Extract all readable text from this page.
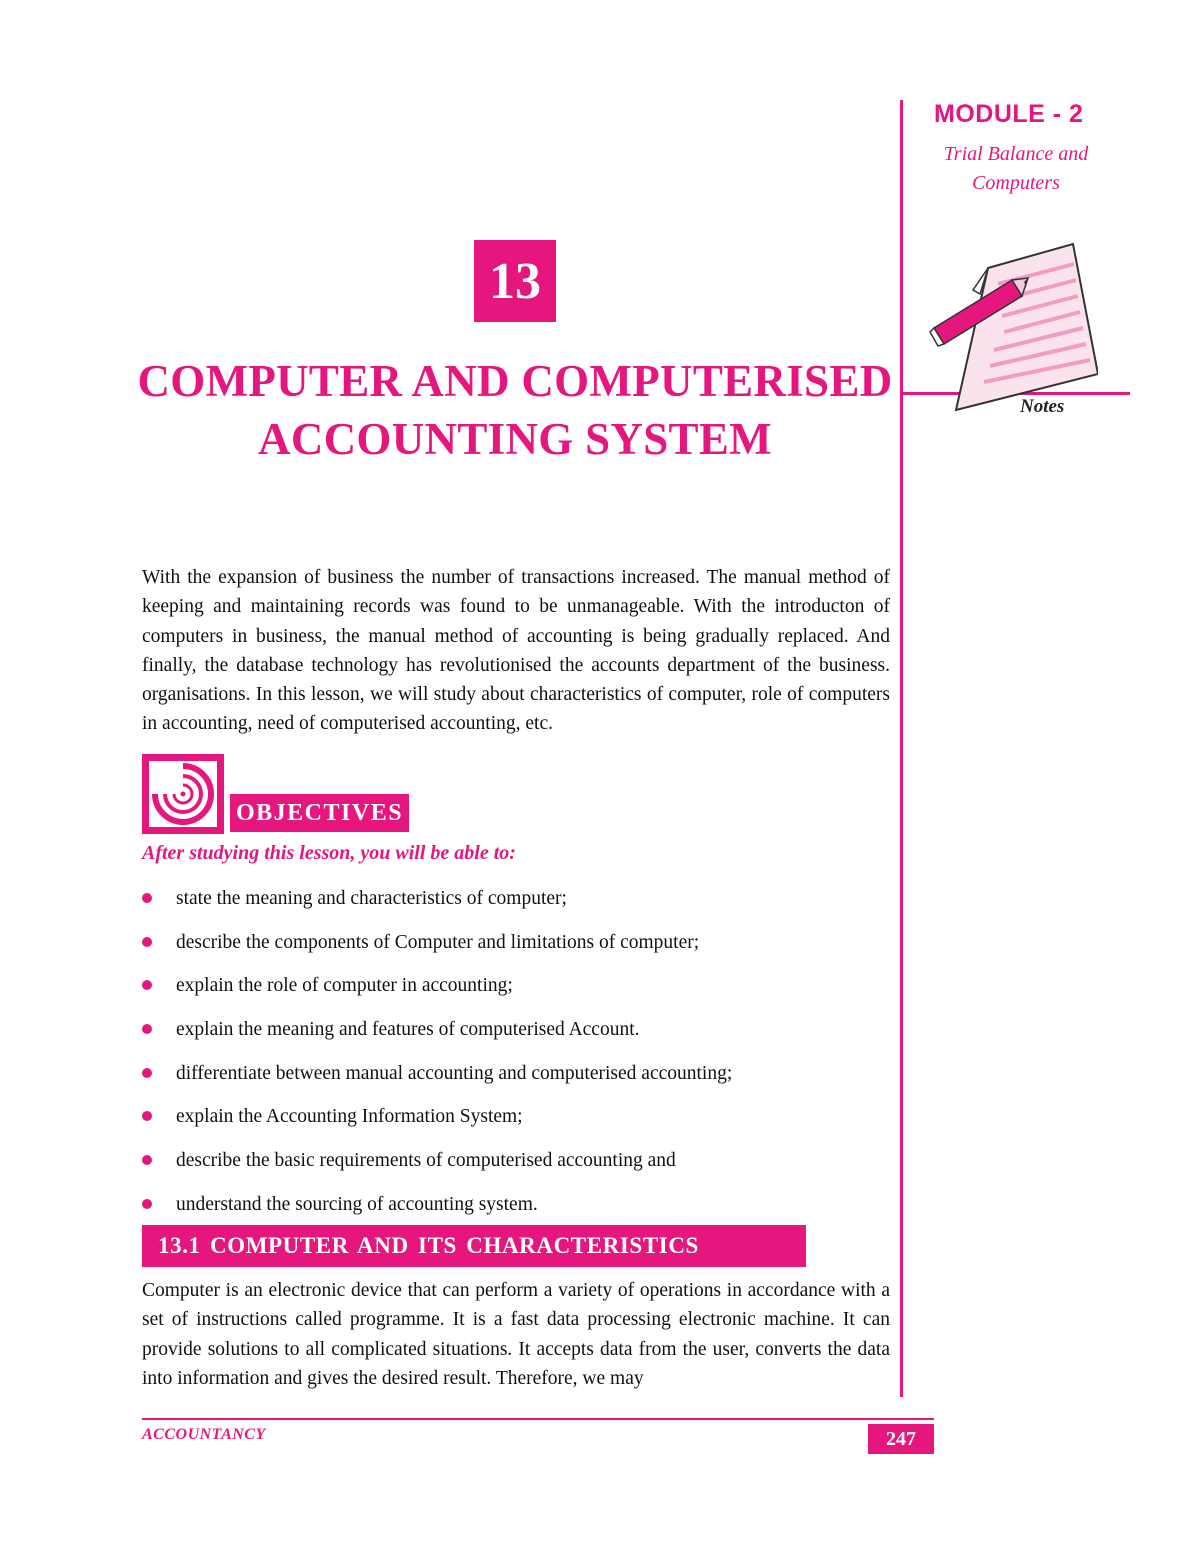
MODULE - 2
Trial Balance and
Computers
Notes
13
COMPUTER AND COMPUTERISED
ACCOUNTING SYSTEM
With the expansion of business the number of transactions increased. The manual method of keeping and maintaining records was found to be unmanageable. With the introducton of computers in business, the manual method of accounting is being gradually replaced. And finally, the database technology has revolutionised the accounts department of the business. organisations. In this lesson, we will study about characteristics of computer, role of computers in accounting, need of computerised accounting, etc.
OBJECTIVES
After studying this lesson, you will be able to:
state the meaning and characteristics of computer;
describe the components of Computer and limitations of computer;
explain the role of computer in accounting;
explain the meaning and features of computerised Account.
differentiate between manual accounting and computerised accounting;
explain the Accounting Information System;
describe the basic requirements of computerised accounting and
understand the sourcing of accounting system.
13.1 COMPUTER AND ITS CHARACTERISTICS
Computer is an electronic device that can perform a variety of operations in accordance with a set of instructions called programme. It is a fast data processing electronic machine. It can provide solutions to all complicated situations. It accepts data from the user, converts the data into information and gives the desired result. Therefore, we may
ACCOUNTANCY	247
